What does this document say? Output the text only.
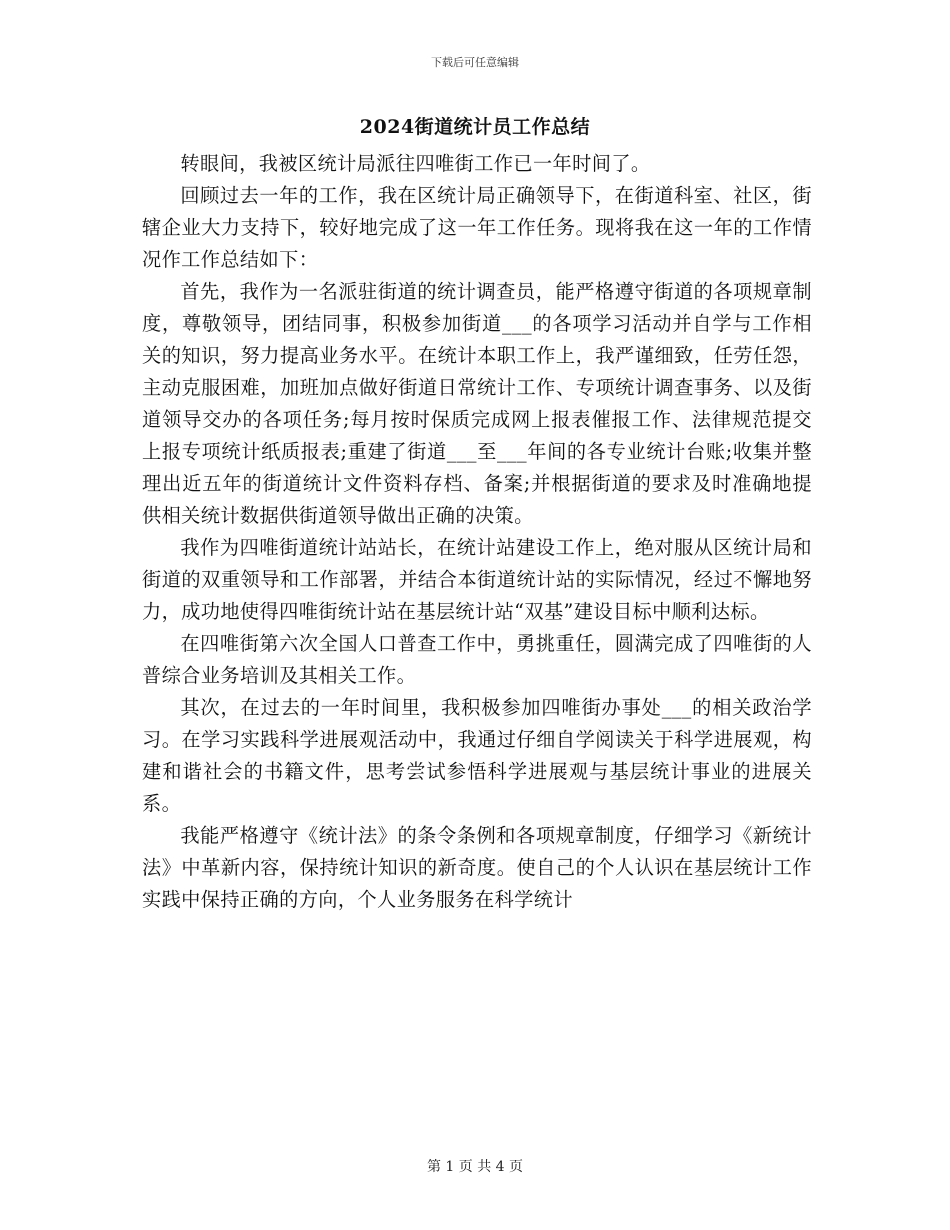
下载后可任意编辑
2024街道统计员工作总结

转眼间，我被区统计局派往四唯街工作已一年时间了。

回顾过去一年的工作，我在区统计局正确领导下，在街道科室、社区，街辖企业大力支持下，较好地完成了这一年工作任务。现将我在这一年的工作情况作工作总结如下：

首先，我作为一名派驻街道的统计调查员，能严格遵守街道的各项规章制度，尊敬领导，团结同事，积极参加街道___的各项学习活动并自学与工作相关的知识，努力提高业务水平。在统计本职工作上，我严谨细致，任劳任怨，主动克服困难，加班加点做好街道日常统计工作、专项统计调查事务、以及街道领导交办的各项任务;每月按时保质完成网上报表催报工作、法律规范提交上报专项统计纸质报表;重建了街道___至___年间的各专业统计台账;收集并整理出近五年的街道统计文件资料存档、备案;并根据街道的要求及时准确地提供相关统计数据供街道领导做出正确的决策。

我作为四唯街道统计站站长，在统计站建设工作上，绝对服从区统计局和街道的双重领导和工作部署，并结合本街道统计站的实际情况，经过不懈地努力，成功地使得四唯街统计站在基层统计站“双基”建设目标中顺利达标。

在四唯街第六次全国人口普查工作中，勇挑重任，圆满完成了四唯街的人普综合业务培训及其相关工作。

其次，在过去的一年时间里，我积极参加四唯街办事处___的相关政治学习。在学习实践科学进展观活动中，我通过仔细自学阅读关于科学进展观，构建和谐社会的书籍文件，思考尝试参悟科学进展观与基层统计事业的进展关系。

我能严格遵守《统计法》的条令条例和各项规章制度，仔细学习《新统计法》中革新内容，保持统计知识的新奇度。使自己的个人认识在基层统计工作实践中保持正确的方向，个人业务服务在科学统计

第 1 页 共 4 页
